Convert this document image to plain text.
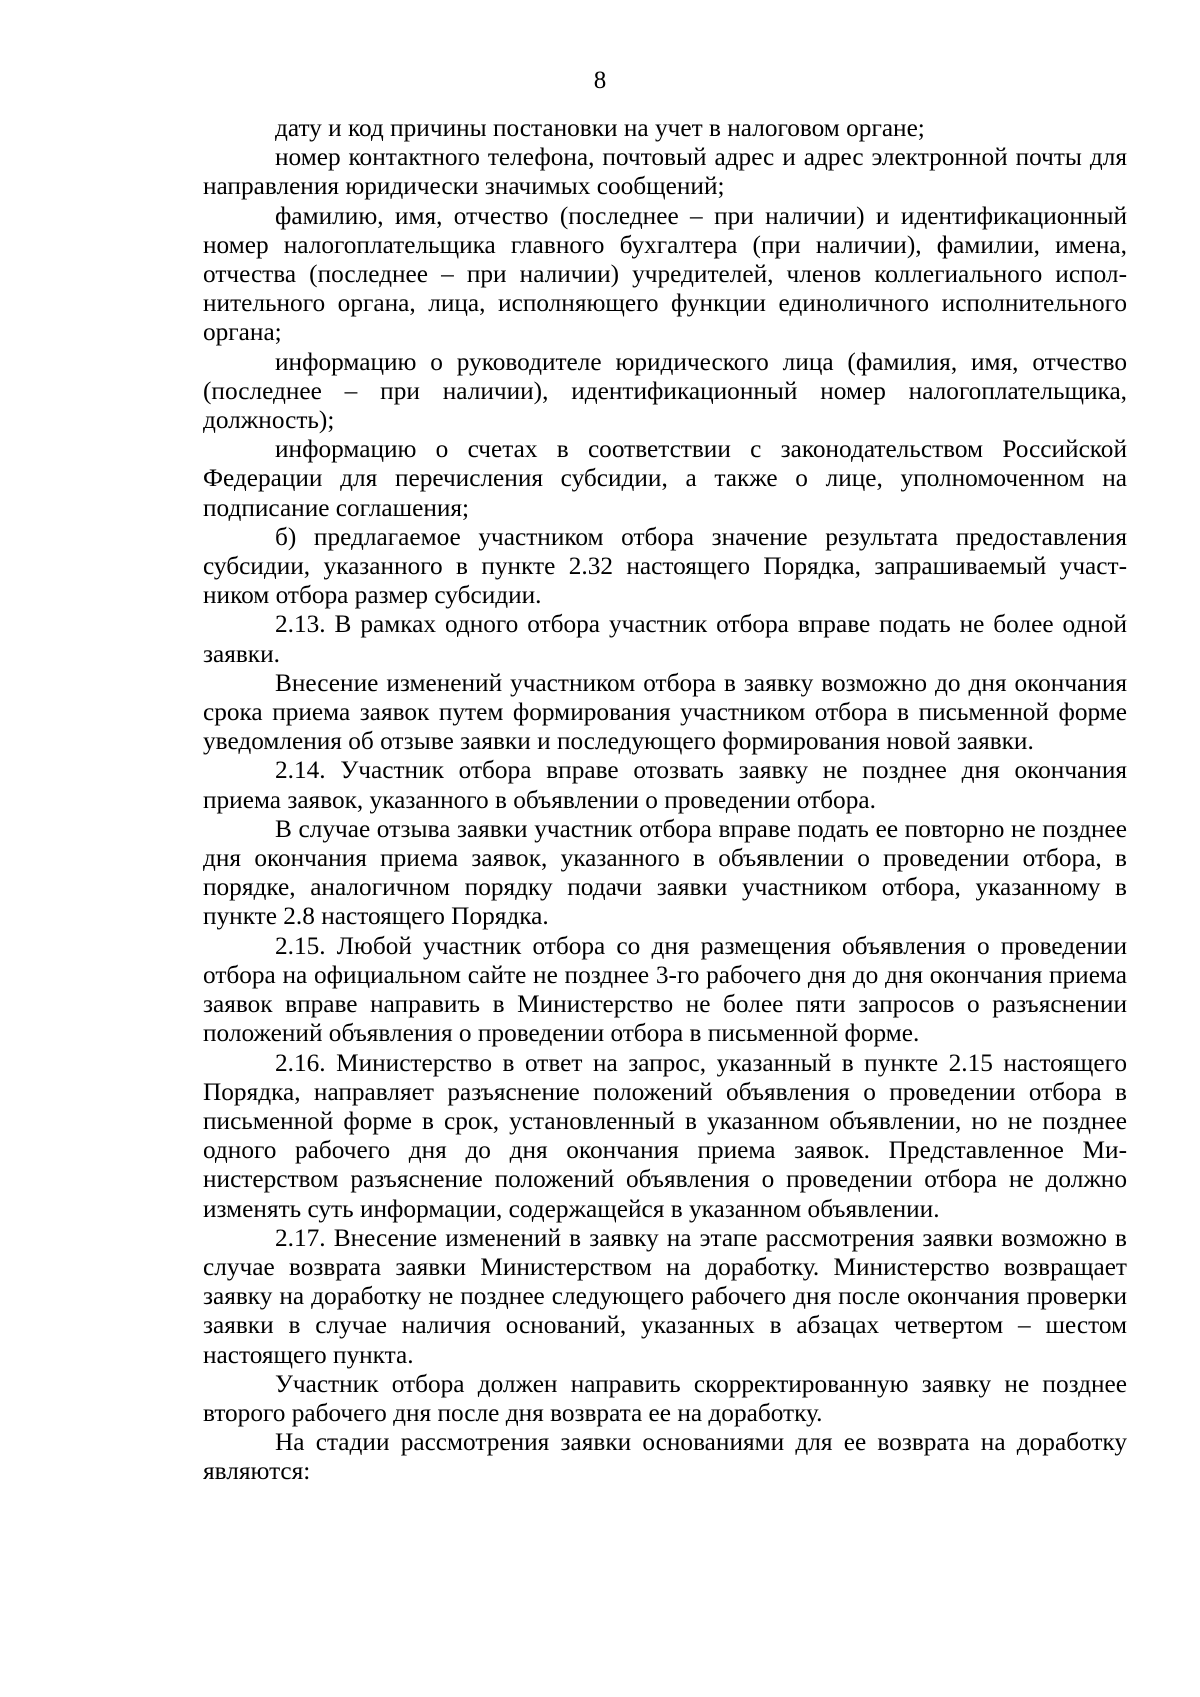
8

дату и код причины постановки на учет в налоговом органе;

номер контактного телефона, почтовый адрес и адрес электронной почты для направления юридически значимых сообщений;

фамилию, имя, отчество (последнее – при наличии) и идентификационный номер налогоплательщика главного бухгалтера (при наличии), фамилии, имена, отчества (последнее – при наличии) учредителей, членов коллегиального исполнительного органа, лица, исполняющего функции единоличного исполнительного органа;

информацию о руководителе юридического лица (фамилия, имя, отчество (последнее – при наличии), идентификационный номер налогоплательщика, должность);

информацию о счетах в соответствии с законодательством Российской Федерации для перечисления субсидии, а также о лице, уполномоченном на подписание соглашения;

б) предлагаемое участником отбора значение результата предоставления субсидии, указанного в пункте 2.32 настоящего Порядка, запрашиваемый участником отбора размер субсидии.

2.13. В рамках одного отбора участник отбора вправе подать не более одной заявки.

Внесение изменений участником отбора в заявку возможно до дня окончания срока приема заявок путем формирования участником отбора в письменной форме уведомления об отзыве заявки и последующего формирования новой заявки.

2.14. Участник отбора вправе отозвать заявку не позднее дня окончания приема заявок, указанного в объявлении о проведении отбора.

В случае отзыва заявки участник отбора вправе подать ее повторно не позднее дня окончания приема заявок, указанного в объявлении о проведении отбора, в порядке, аналогичном порядку подачи заявки участником отбора, указанному в пункте 2.8 настоящего Порядка.

2.15. Любой участник отбора со дня размещения объявления о проведении отбора на официальном сайте не позднее 3-го рабочего дня до дня окончания приема заявок вправе направить в Министерство не более пяти запросов о разъяснении положений объявления о проведении отбора в письменной форме.

2.16. Министерство в ответ на запрос, указанный в пункте 2.15 настоящего Порядка, направляет разъяснение положений объявления о проведении отбора в письменной форме в срок, установленный в указанном объявлении, но не позднее одного рабочего дня до дня окончания приема заявок. Представленное Министерством разъяснение положений объявления о проведении отбора не должно изменять суть информации, содержащейся в указанном объявлении.

2.17. Внесение изменений в заявку на этапе рассмотрения заявки возможно в случае возврата заявки Министерством на доработку. Министерство возвращает заявку на доработку не позднее следующего рабочего дня после окончания проверки заявки в случае наличия оснований, указанных в абзацах четвертом – шестом настоящего пункта.

Участник отбора должен направить скорректированную заявку не позднее второго рабочего дня после дня возврата ее на доработку.

На стадии рассмотрения заявки основаниями для ее возврата на доработку являются:
